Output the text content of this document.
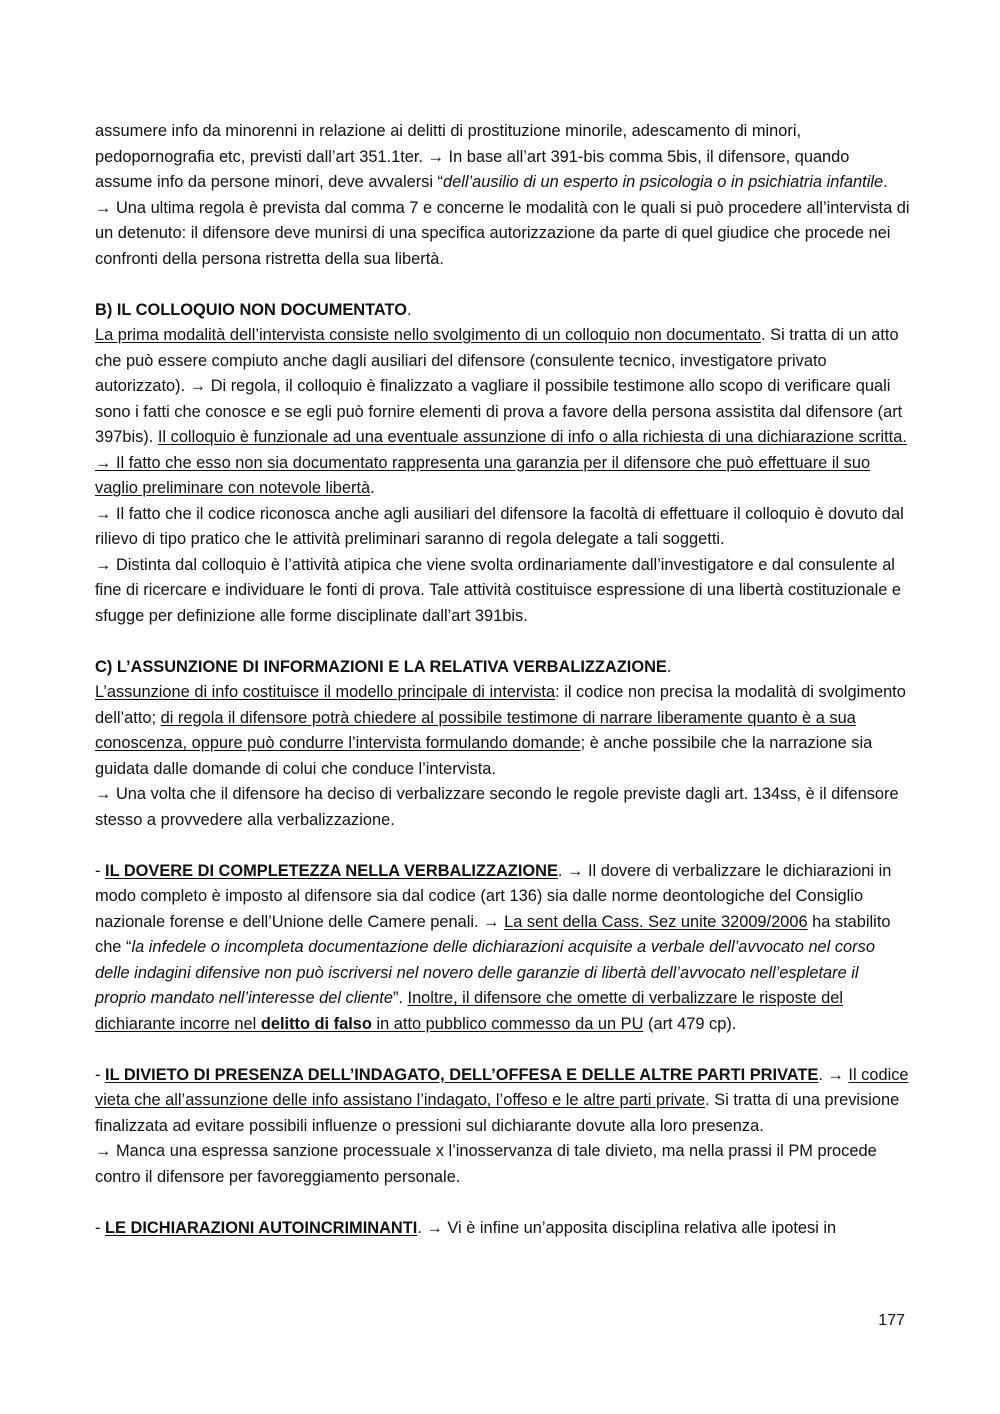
assumere info da minorenni in relazione ai delitti di prostituzione minorile, adescamento di minori, pedopornografia etc, previsti dall’art 351.1ter. → In base all’art 391-bis comma 5bis, il difensore, quando assume info da persone minori, deve avvalersi “dell’ausilio di un esperto in psicologia o in psichiatria infantile.

→ Una ultima regola è prevista dal comma 7 e concerne le modalità con le quali si può procedere all’intervista di un detenuto: il difensore deve munirsi di una specifica autorizzazione da parte di quel giudice che procede nei confronti della persona ristretta della sua libertà.

B) IL COLLOQUIO NON DOCUMENTATO.

La prima modalità dell’intervista consiste nello svolgimento di un colloquio non documentato. Si tratta di un atto che può essere compiuto anche dagli ausiliari del difensore (consulente tecnico, investigatore privato autorizzato). → Di regola, il colloquio è finalizzato a vagliare il possibile testimone allo scopo di verificare quali sono i fatti che conosce e se egli può fornire elementi di prova a favore della persona assistita dal difensore (art 397bis). Il colloquio è funzionale ad una eventuale assunzione di info o alla richiesta di una dichiarazione scritta. → Il fatto che esso non sia documentato rappresenta una garanzia per il difensore che può effettuare il suo vaglio preliminare con notevole libertà.

→ Il fatto che il codice riconosca anche agli ausiliari del difensore la facoltà di effettuare il colloquio è dovuto dal rilievo di tipo pratico che le attività preliminari saranno di regola delegate a tali soggetti.

→ Distinta dal colloquio è l’attività atipica che viene svolta ordinariamente dall’investigatore e dal consulente al fine di ricercare e individuare le fonti di prova. Tale attività costituisce espressione di una libertà costituzionale e sfugge per definizione alle forme disciplinate dall’art 391bis.

C) L’ASSUNZIONE DI INFORMAZIONI E LA RELATIVA VERBALIZZAZIONE.

L’assunzione di info costituisce il modello principale di intervista: il codice non precisa la modalità di svolgimento dell’atto; di regola il difensore potrà chiedere al possibile testimone di narrare liberamente quanto è a sua conoscenza, oppure può condurre l’intervista formulando domande; è anche possibile che la narrazione sia guidata dalle domande di colui che conduce l’intervista.

→ Una volta che il difensore ha deciso di verbalizzare secondo le regole previste dagli art. 134ss, è il difensore stesso a provvedere alla verbalizzazione.

- IL DOVERE DI COMPLETEZZA NELLA VERBALIZZAZIONE. → Il dovere di verbalizzare le dichiarazioni in modo completo è imposto al difensore sia dal codice (art 136) sia dalle norme deontologiche del Consiglio nazionale forense e dell’Unione delle Camere penali. → La sent della Cass. Sez unite 32009/2006 ha stabilito che “la infedele o incompleta documentazione delle dichiarazioni acquisite a verbale dell’avvocato nel corso delle indagini difensive non può iscriversi nel novero delle garanzie di libertà dell’avvocato nell’espletare il proprio mandato nell’interesse del cliente”. Inoltre, il difensore che omette di verbalizzare le risposte del dichiarante incorre nel delitto di falso in atto pubblico commesso da un PU (art 479 cp).

- IL DIVIETO DI PRESENZA DELL’INDAGATO, DELL’OFFESA E DELLE ALTRE PARTI PRIVATE. → Il codice vieta che all’assunzione delle info assistano l’indagato, l’offeso e le altre parti private. Si tratta di una previsione finalizzata ad evitare possibili influenze o pressioni sul dichiarante dovute alla loro presenza.

→ Manca una espressa sanzione processuale x l’inosservanza di tale divieto, ma nella prassi il PM procede contro il difensore per favoreggiamento personale.

- LE DICHIARAZIONI AUTOINCRIMINANTI. → Vi è infine un’apposita disciplina relativa alle ipotesi in

177
